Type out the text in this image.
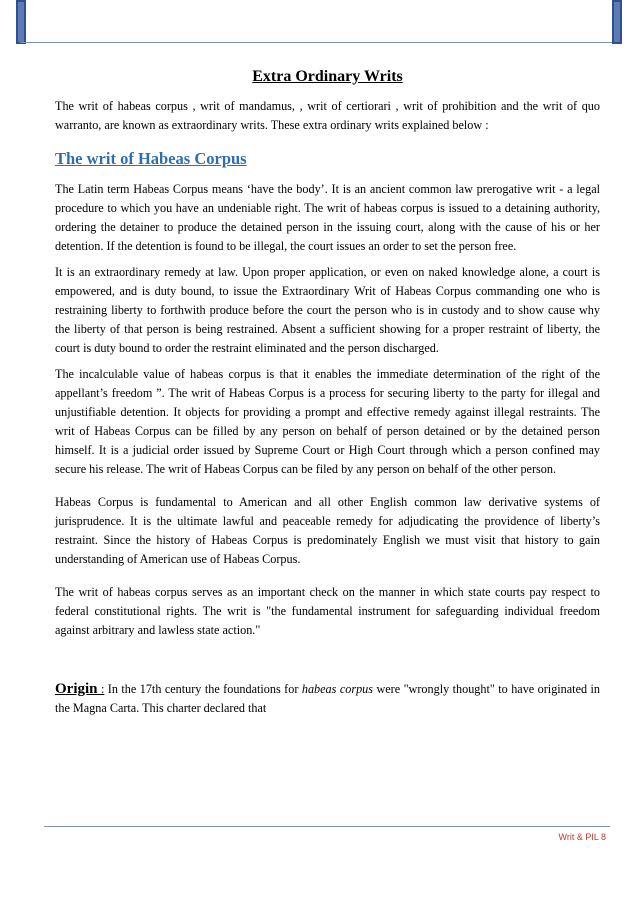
Extra Ordinary Writs

The writ of habeas corpus , writ of mandamus, , writ of certiorari , writ of prohibition and the writ of quo warranto, are known as extraordinary writs. These extra ordinary writs explained below :

The writ of Habeas Corpus

The Latin term Habeas Corpus means ‘have the body’. It is an ancient common law prerogative writ - a legal procedure to which you have an undeniable right. The writ of habeas corpus is issued to a detaining authority, ordering the detainer to produce the detained person in the issuing court, along with the cause of his or her detention. If the detention is found to be illegal, the court issues an order to set the person free.

It is an extraordinary remedy at law. Upon proper application, or even on naked knowledge alone, a court is empowered, and is duty bound, to issue the Extraordinary Writ of Habeas Corpus commanding one who is restraining liberty to forthwith produce before the court the person who is in custody and to show cause why the liberty of that person is being restrained. Absent a sufficient showing for a proper restraint of liberty, the court is duty bound to order the restraint eliminated and the person discharged.

The incalculable value of habeas corpus is that it enables the immediate determination of the right of the appellant’s freedom ”. The writ of Habeas Corpus is a process for securing liberty to the party for illegal and unjustifiable detention. It objects for providing a prompt and effective remedy against illegal restraints. The writ of Habeas Corpus can be filled by any person on behalf of person detained or by the detained person himself. It is a judicial order issued by Supreme Court or High Court through which a person confined may secure his release. The writ of Habeas Corpus can be filed by any person on behalf of the other person.

Habeas Corpus is fundamental to American and all other English common law derivative systems of jurisprudence. It is the ultimate lawful and peaceable remedy for adjudicating the providence of liberty’s restraint. Since the history of Habeas Corpus is predominately English we must visit that history to gain understanding of American use of Habeas Corpus.

The writ of habeas corpus serves as an important check on the manner in which state courts pay respect to federal constitutional rights. The writ is "the fundamental instrument for safeguarding individual freedom against arbitrary and lawless state action."

Origin : In the 17th century the foundations for habeas corpus were "wrongly thought" to have originated in the Magna Carta. This charter declared that

Writ & PIL 8
